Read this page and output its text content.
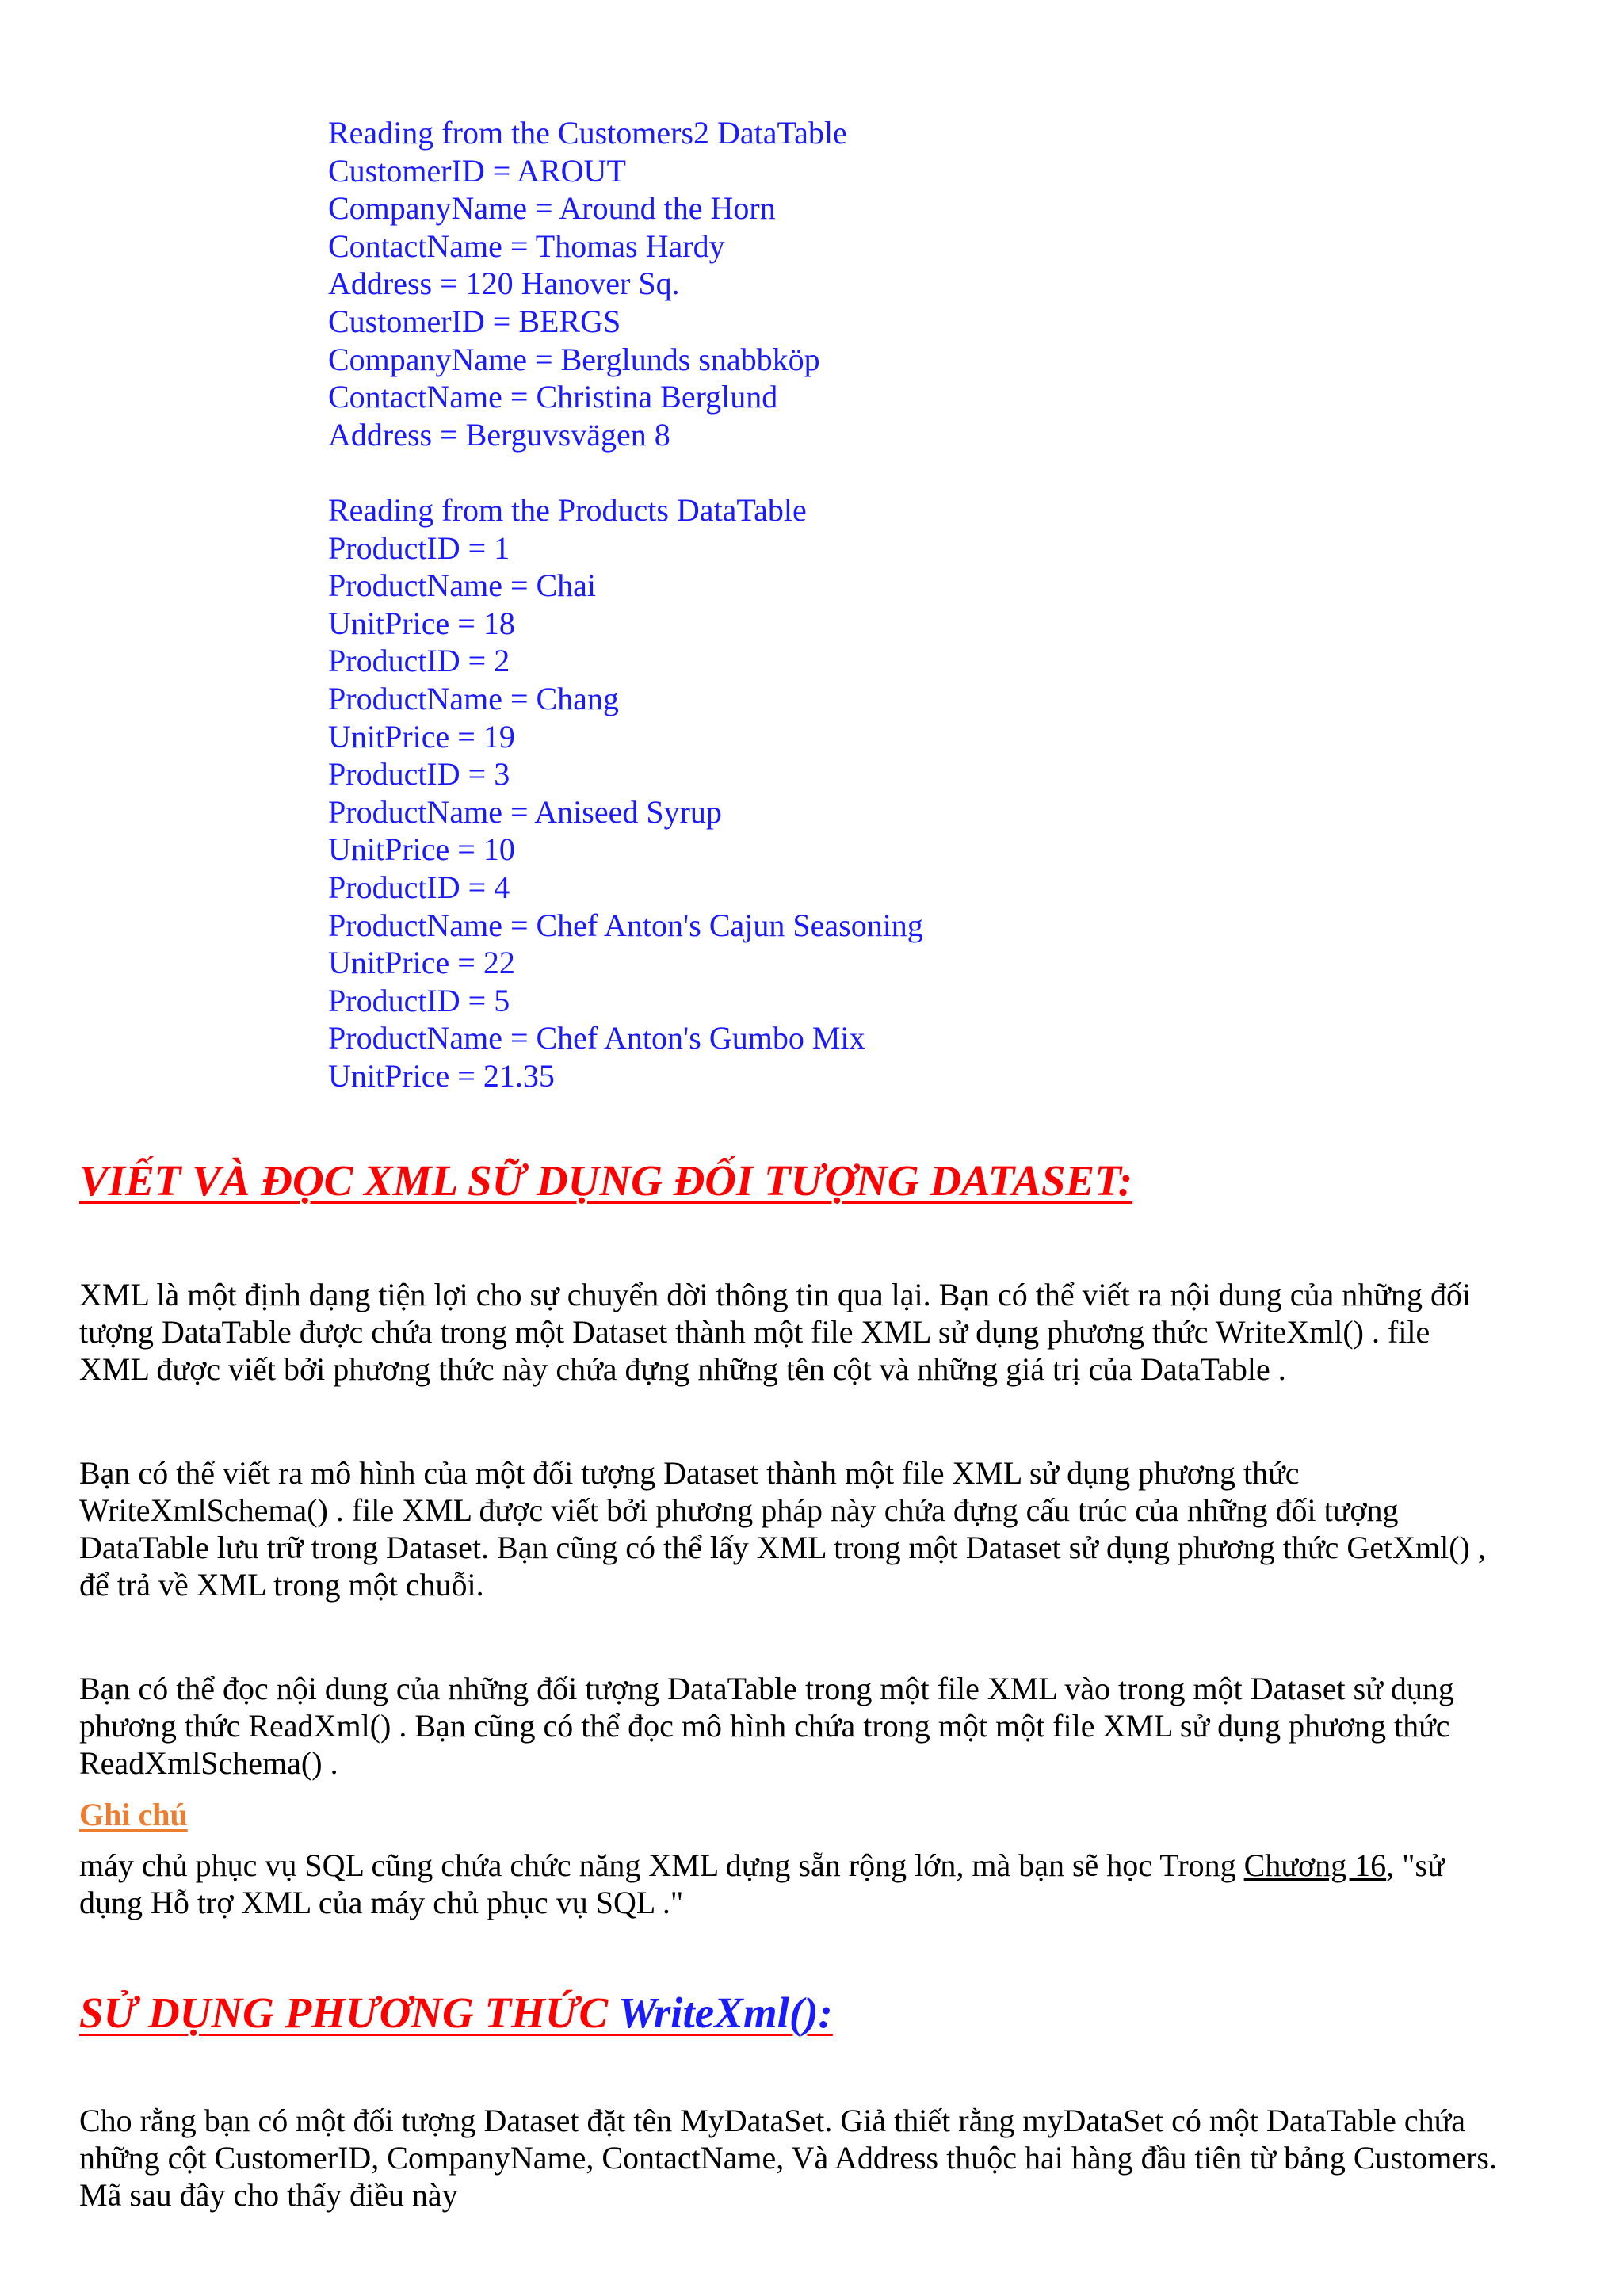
Reading from the Customers2 DataTable
CustomerID = AROUT
CompanyName = Around the Horn
ContactName = Thomas Hardy
Address = 120 Hanover Sq.
CustomerID = BERGS
CompanyName = Berglunds snabbköp
ContactName = Christina Berglund
Address = Berguvsvägen 8
Reading from the Products DataTable
ProductID = 1
ProductName = Chai
UnitPrice = 18
ProductID = 2
ProductName = Chang
UnitPrice = 19
ProductID = 3
ProductName = Aniseed Syrup
UnitPrice = 10
ProductID = 4
ProductName = Chef Anton's Cajun Seasoning
UnitPrice = 22
ProductID = 5
ProductName = Chef Anton's Gumbo Mix
UnitPrice = 21.35
VIẾT VÀ ĐỌC XML SỮ DỤNG ĐỐI TƯỢNG DATASET:
XML là một định dạng tiện lợi cho sự chuyển dời thông tin qua lại. Bạn có thể viết ra nội dung của những đối
tượng DataTable được chứa trong một Dataset thành một file XML sử dụng phương thức WriteXml() . file
XML được viết bởi phương thức này chứa đựng những tên cột và những giá trị của DataTable .
Bạn có thể viết ra mô hình của một đối tượng Dataset thành một file XML sử dụng phương thức
WriteXmlSchema() . file XML được viết bởi phương pháp này chứa đựng cấu trúc của những đối tượng
DataTable lưu trữ trong Dataset. Bạn cũng có thể lấy XML trong một Dataset sử dụng phương thức GetXml() ,
để trả về XML trong một chuỗi.
Bạn có thể đọc nội dung của những đối tượng DataTable trong một file XML vào trong một Dataset sử dụng
phương thức ReadXml() . Bạn cũng có thể đọc mô hình chứa trong một một file XML sử dụng phương thức
ReadXmlSchema() .
Ghi chú
máy chủ phục vụ SQL cũng chứa chức năng XML dựng sẵn rộng lớn, mà bạn sẽ học Trong Chương 16, "sử
dụng Hỗ trợ XML của máy chủ phục vụ SQL ."
SỬ DỤNG PHƯƠNG THỨC WriteXml():
Cho rằng bạn có một đối tượng Dataset đặt tên MyDataSet. Giả thiết rằng myDataSet có một DataTable chứa
những cột CustomerID, CompanyName, ContactName, Và Address thuộc hai hàng đầu tiên từ bảng Customers.
Mã sau đây cho thấy điều này
